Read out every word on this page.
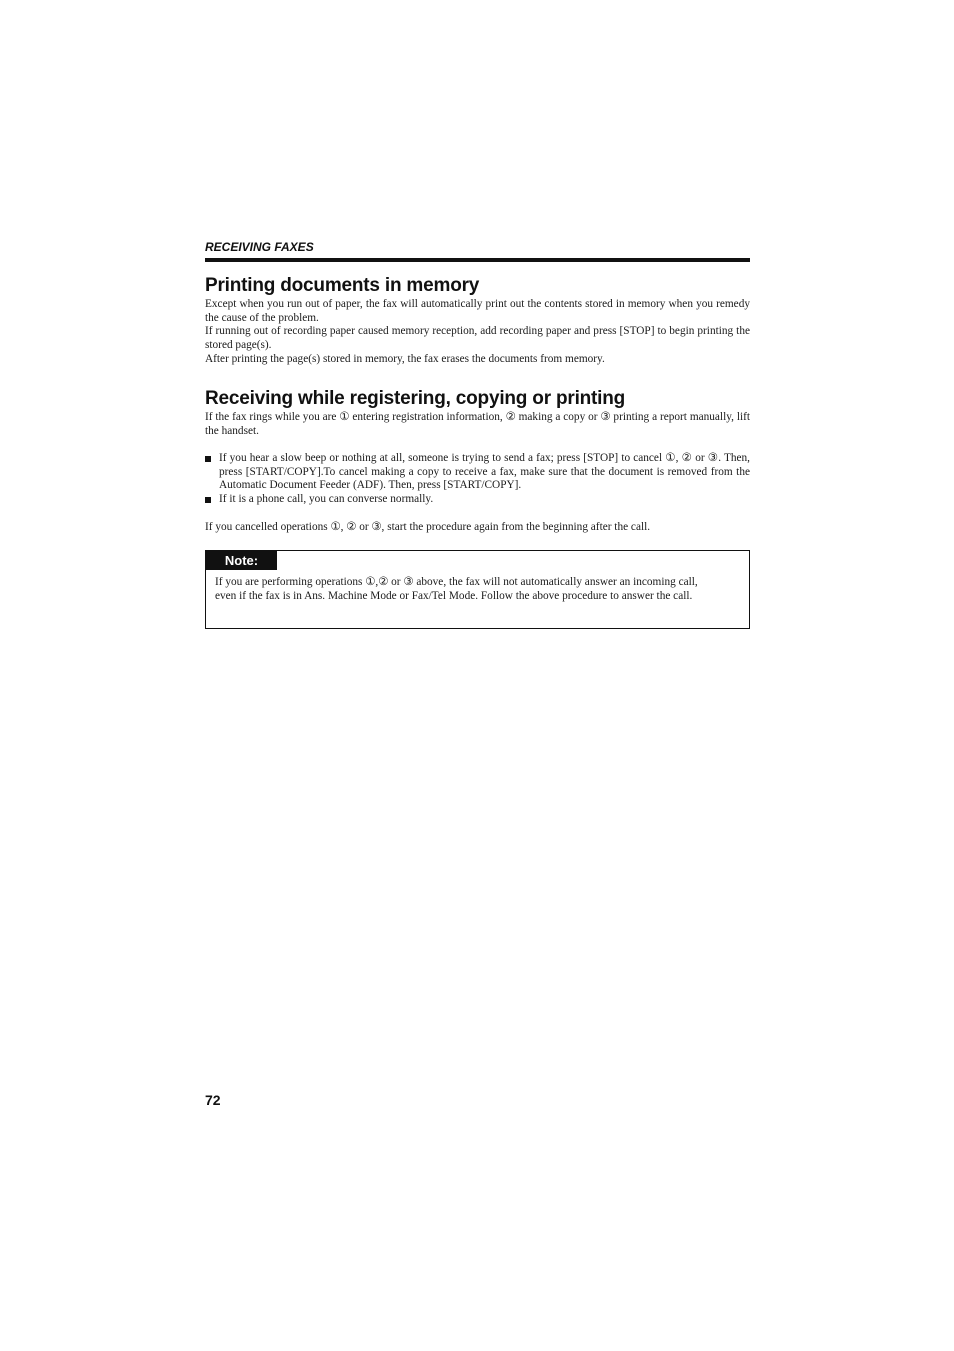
RECEIVING FAXES
Printing documents in memory
Except when you run out of paper, the fax will automatically print out the contents stored in memory when you remedy the cause of the problem.
If running out of recording paper caused memory reception, add recording paper and press [STOP] to begin printing the stored page(s).
After printing the page(s) stored in memory, the fax erases the documents from memory.
Receiving while registering, copying or printing
If the fax rings while you are ① entering registration information, ② making a copy or ③ printing a report manually, lift the handset.
If you hear a slow beep or nothing at all, someone is trying to send a fax; press [STOP] to cancel ①, ② or ③. Then, press [START/COPY].To cancel making a copy to receive a fax, make sure that the document is removed from the Automatic Document Feeder (ADF). Then, press [START/COPY].
If it is a phone call, you can converse normally.
If you cancelled operations ①, ② or ③, start the procedure again from the beginning after the call.
Note:
If you are performing operations ①,② or ③ above, the fax will not automatically answer an incoming call, even if the fax is in Ans. Machine Mode or Fax/Tel Mode. Follow the above procedure to answer the call.
72
